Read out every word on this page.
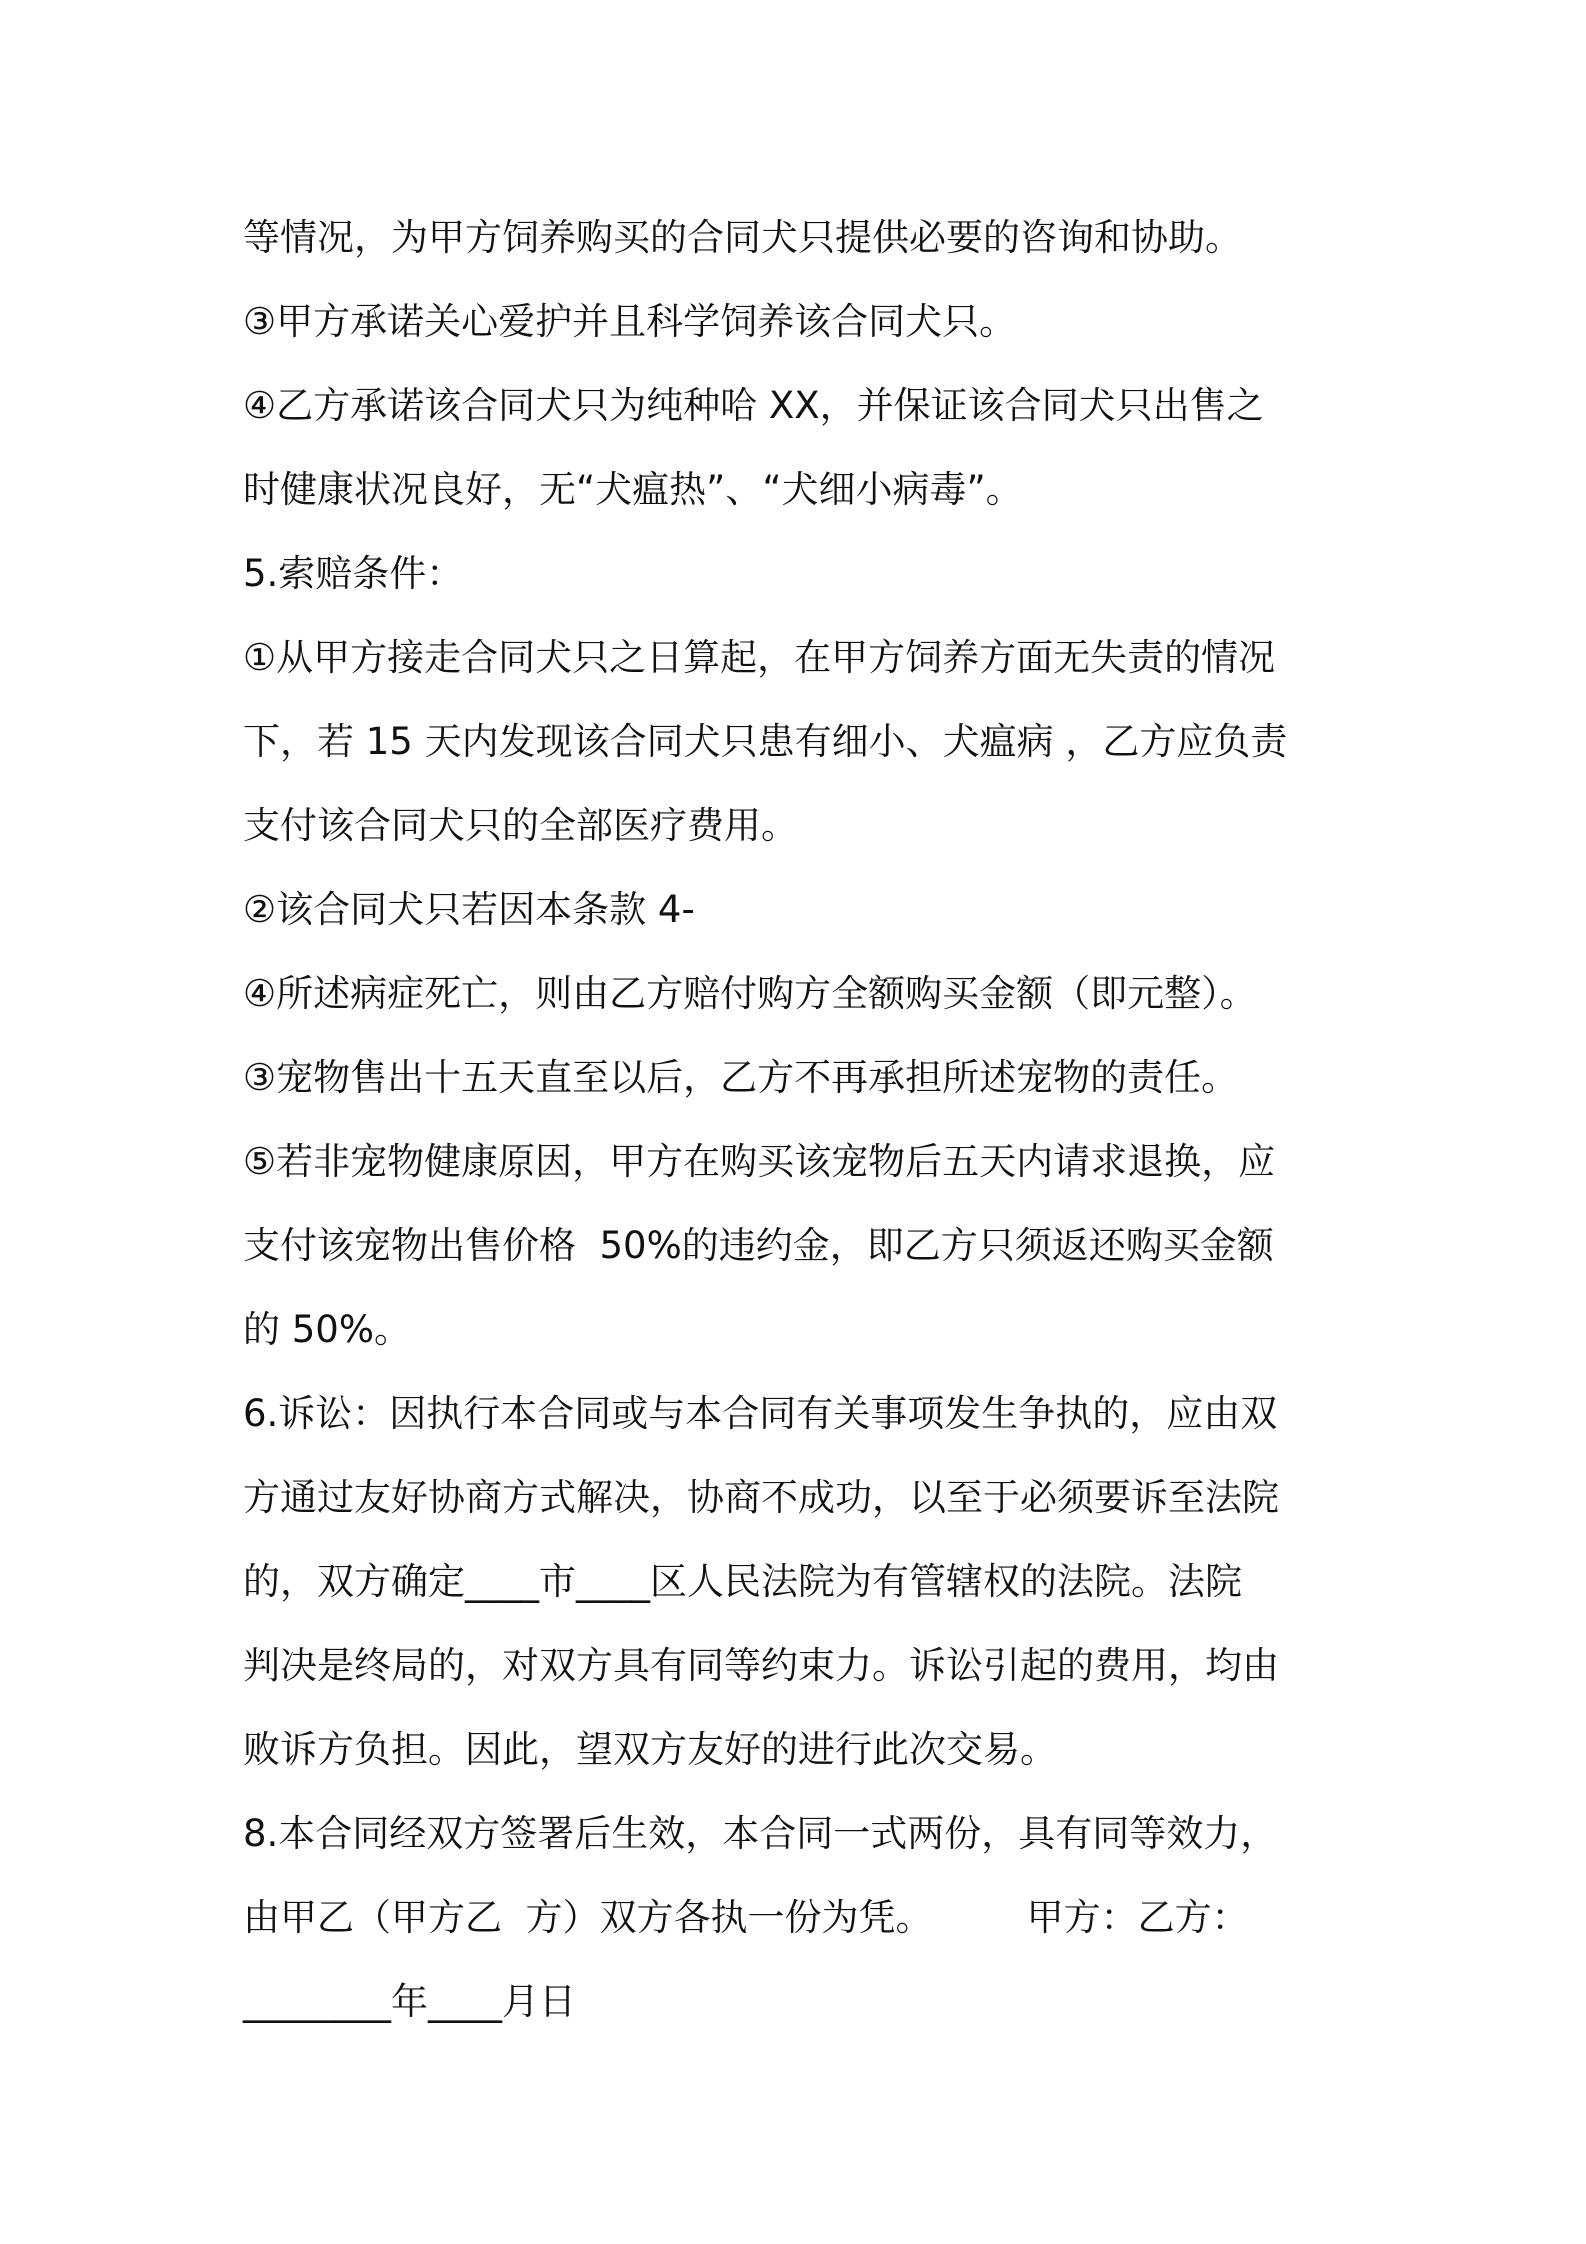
等情况，为甲方饲养购买的合同犬只提供必要的咨询和协助。
③甲方承诺关心爱护并且科学饲养该合同犬只。
④乙方承诺该合同犬只为纯种哈 XX，并保证该合同犬只出售之
时健康状况良好，无“犬瘟热”、“犬细小病毒”。
5.索赔条件：
①从甲方接走合同犬只之日算起，在甲方饲养方面无失责的情况
下，若 15 天内发现该合同犬只患有细小、犬瘟病 ，乙方应负责
支付该合同犬只的全部医疗费用。
②该合同犬只若因本条款 4-
④所述病症死亡，则由乙方赔付购方全额购买金额（即元整）。
③宠物售出十五天直至以后，乙方不再承担所述宠物的责任。
⑤若非宠物健康原因，甲方在购买该宠物后五天内请求退换，应
支付该宠物出售价格  50%的违约金，即乙方只须返还购买金额
的 50%。
6.诉讼：因执行本合同或与本合同有关事项发生争执的，应由双
方通过友好协商方式解决，协商不成功，以至于必须要诉至法院
的，双方确定____市____区人民法院为有管辖权的法院。法院
判决是终局的，对双方具有同等约束力。诉讼引起的费用，均由
败诉方负担。因此，望双方友好的进行此次交易。
8.本合同经双方签署后生效，本合同一式两份，具有同等效力，
由甲乙（甲方乙  方）双方各执一份为凭。        甲方：乙方：
________年____月日
